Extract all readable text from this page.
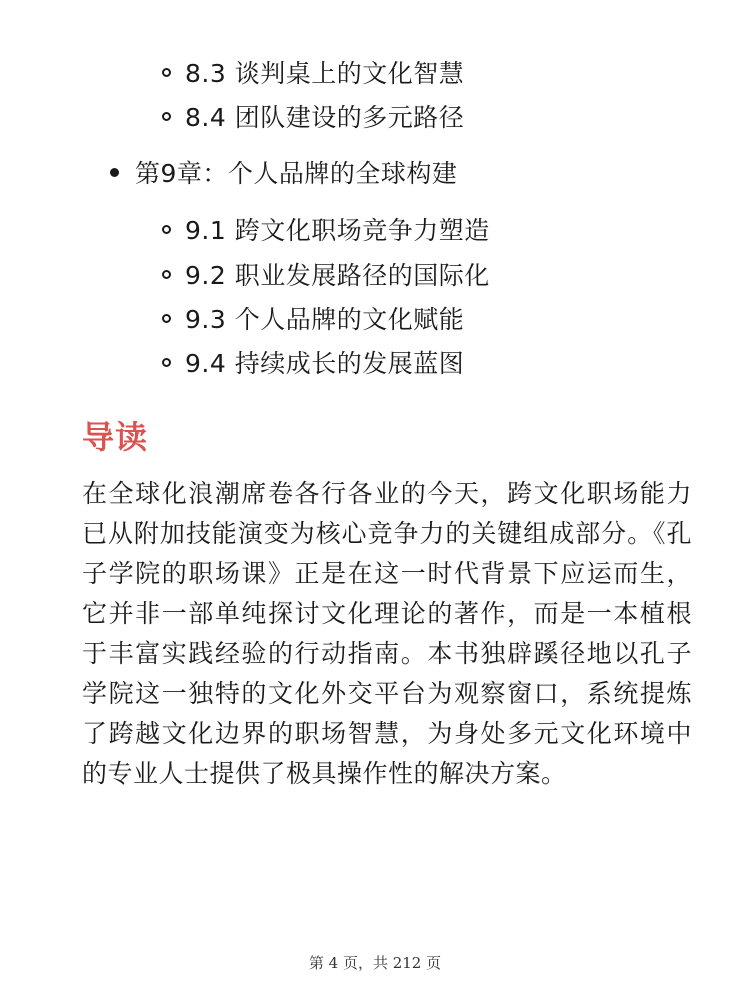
8.3 谈判桌上的文化智慧
8.4 团队建设的多元路径
第9章：个人品牌的全球构建
9.1 跨文化职场竞争力塑造
9.2 职业发展路径的国际化
9.3 个人品牌的文化赋能
9.4 持续成长的发展蓝图
导读

在全球化浪潮席卷各行各业的今天，跨文化职场能力已从附加技能演变为核心竞争力的关键组成部分。《孔子学院的职场课》正是在这一时代背景下应运而生，它并非一部单纯探讨文化理论的著作，而是一本植根于丰富实践经验的行动指南。本书独辟蹊径地以孔子学院这一独特的文化外交平台为观察窗口，系统提炼了跨越文化边界的职场智慧，为身处多元文化环境中的专业人士提供了极具操作性的解决方案。

第 4 页，共 212 页
